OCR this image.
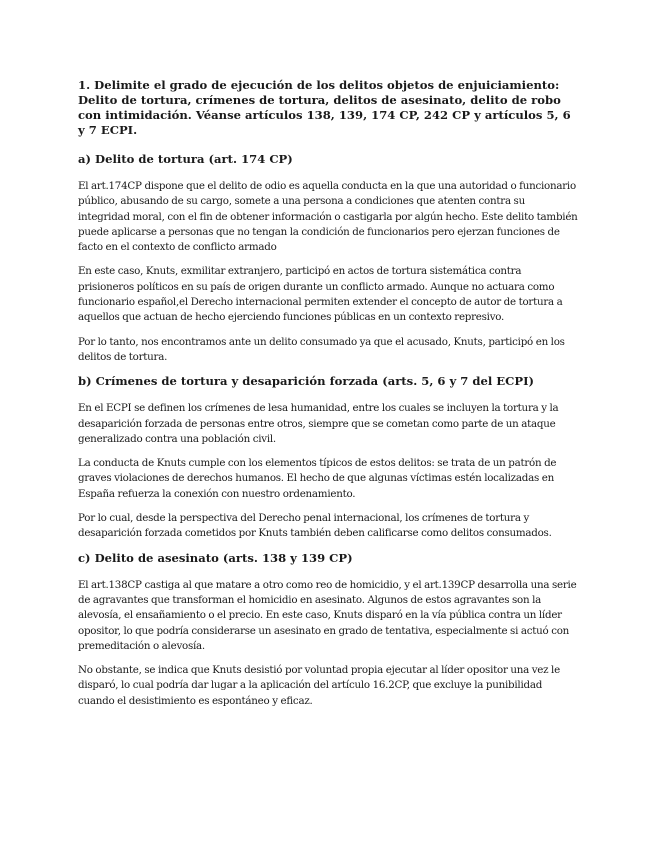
1. Delimite el grado de ejecución de los delitos objetos de enjuiciamiento: Delito de tortura, crímenes de tortura, delitos de asesinato, delito de robo con intimidación. Véanse artículos 138, 139, 174 CP, 242 CP y artículos 5, 6 y 7 ECPI.
a) Delito de tortura (art. 174 CP)

El art.174CP dispone que el delito de odio es aquella conducta en la que una autoridad o funcionario público, abusando de su cargo, somete a una persona a condiciones que atenten contra su integridad moral, con el fin de obtener información o castigarla por algún hecho. Este delito también puede aplicarse a personas que no tengan la condición de funcionarios pero ejerzan funciones de facto en el contexto de conflicto armado

En este caso, Knuts, exmilitar extranjero, participó en actos de tortura sistemática contra prisioneros políticos en su país de origen durante un conflicto armado. Aunque no actuara como funcionario español,el Derecho internacional permiten extender el concepto de autor de tortura a aquellos que actuan de hecho ejerciendo funciones públicas en un contexto represivo.

Por lo tanto, nos encontramos ante un delito consumado ya que el acusado, Knuts, participó en los delitos de tortura.

b) Crímenes de tortura y desaparición forzada (arts. 5, 6 y 7 del ECPI)

En el ECPI se definen los crímenes de lesa humanidad, entre los cuales se incluyen la tortura y la desaparición forzada de personas entre otros, siempre que se cometan como parte de un ataque generalizado contra una población civil.

La conducta de Knuts cumple con los elementos típicos de estos delitos: se trata de un patrón de graves violaciones de derechos humanos. El hecho de que algunas víctimas estén localizadas en España refuerza la conexión con nuestro ordenamiento.

Por lo cual, desde la perspectiva del Derecho penal internacional, los crímenes de tortura y desaparición forzada cometidos por Knuts también deben calificarse como delitos consumados.

c) Delito de asesinato (arts. 138 y 139 CP)

El art.138CP castiga al que matare a otro como reo de homicidio, y el art.139CP desarrolla una serie de agravantes que transforman el homicidio en asesinato. Algunos de estos agravantes son la alevosía, el ensañamiento o el precio. En este caso, Knuts disparó en la vía pública contra un líder opositor, lo que podría considerarse un asesinato en grado de tentativa, especialmente si actuó con premeditación o alevosía.

No obstante, se indica que Knuts desistió por voluntad propia ejecutar al líder opositor una vez le disparó, lo cual podría dar lugar a la aplicación del artículo 16.2CP, que excluye la punibilidad cuando el desistimiento es espontáneo y eficaz.
